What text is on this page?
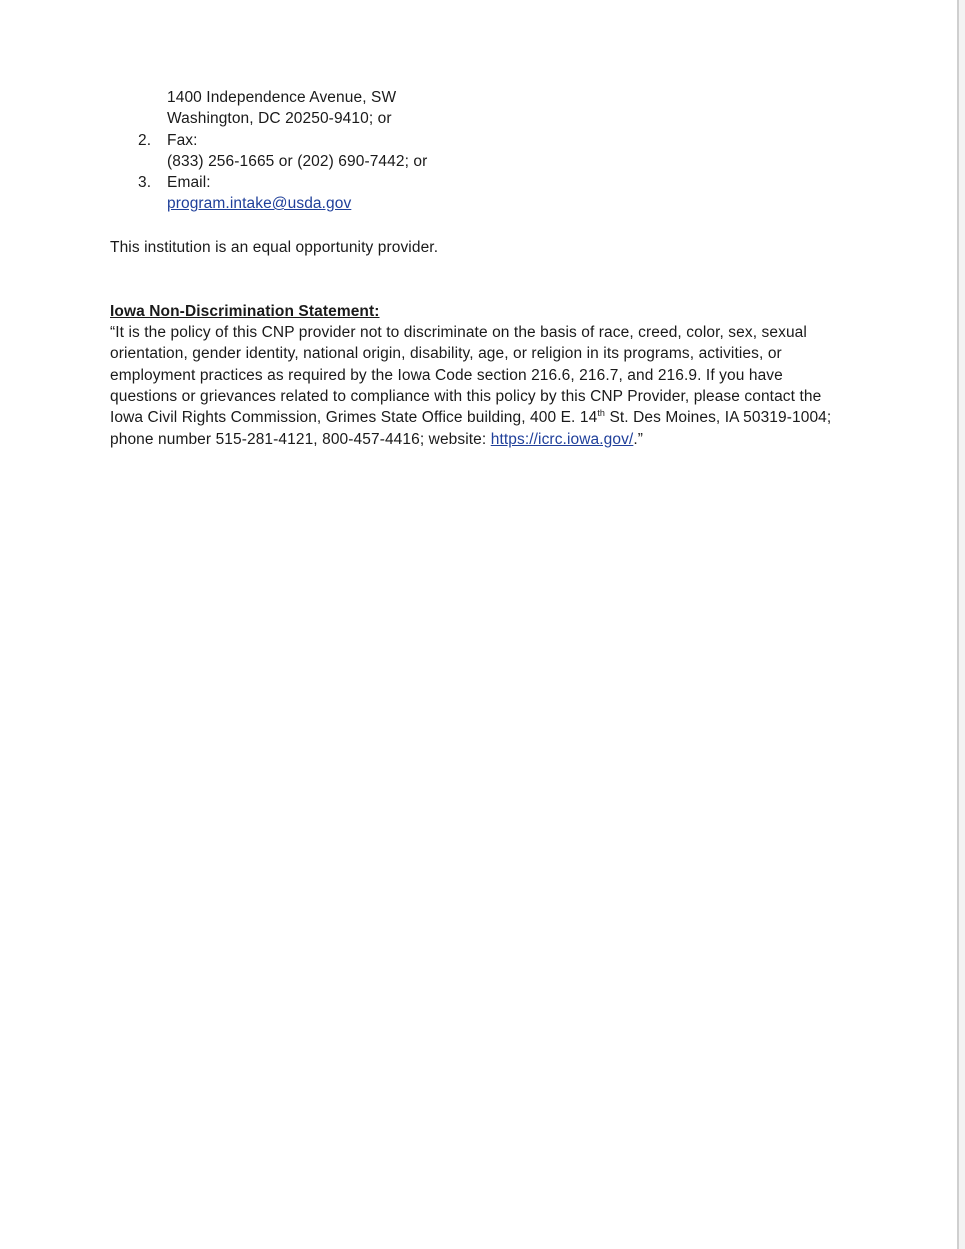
1400 Independence Avenue, SW
Washington, DC 20250-9410; or
2. Fax:
(833) 256-1665 or (202) 690-7442; or
3. Email:
program.intake@usda.gov
This institution is an equal opportunity provider.
Iowa Non-Discrimination Statement:
“It is the policy of this CNP provider not to discriminate on the basis of race, creed, color, sex, sexual
orientation, gender identity, national origin, disability, age, or religion in its programs, activities, or
employment practices as required by the Iowa Code section 216.6, 216.7, and 216.9. If you have
questions or grievances related to compliance with this policy by this CNP Provider, please contact the
Iowa Civil Rights Commission, Grimes State Office building, 400 E. 14th St. Des Moines, IA 50319-1004;
phone number 515-281-4121, 800-457-4416; website: https://icrc.iowa.gov/.”
